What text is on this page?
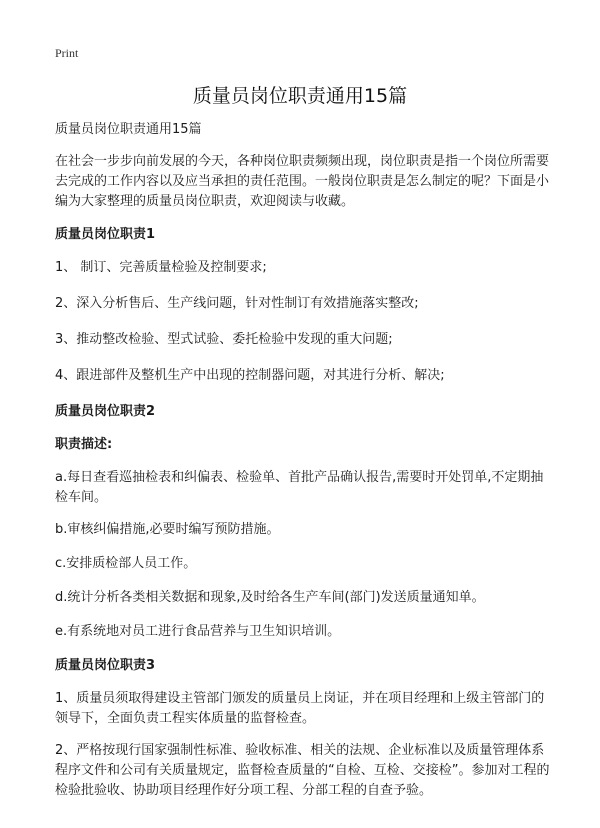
Print
质量员岗位职责通用15篇

质量员岗位职责通用15篇

在社会一步步向前发展的今天，各种岗位职责频频出现，岗位职责是指一个岗位所需要去完成的工作内容以及应当承担的责任范围。一般岗位职责是怎么制定的呢？下面是小编为大家整理的质量员岗位职责，欢迎阅读与收藏。

质量员岗位职责1

1、 制订、完善质量检验及控制要求;

2、深入分析售后、生产线问题，针对性制订有效措施落实整改;

3、推动整改检验、型式试验、委托检验中发现的重大问题;

4、跟进部件及整机生产中出现的控制器问题，对其进行分析、解决;

质量员岗位职责2

职责描述:

a.每日查看巡抽检表和纠偏表、检验单、首批产品确认报告,需要时开处罚单,不定期抽检车间。

b.审核纠偏措施,必要时编写预防措施。

c.安排质检部人员工作。

d.统计分析各类相关数据和现象,及时给各生产车间(部门)发送质量通知单。

e.有系统地对员工进行食品营养与卫生知识培训。

质量员岗位职责3

1、质量员须取得建设主管部门颁发的质量员上岗证，并在项目经理和上级主管部门的领导下，全面负责工程实体质量的监督检查。

2、严格按现行国家强制性标准、验收标准、相关的法规、企业标准以及质量管理体系程序文件和公司有关质量规定，监督检查质量的“自检、互检、交接检”。参加对工程的检验批验收、协助项目经理作好分项工程、分部工程的自查予验。
